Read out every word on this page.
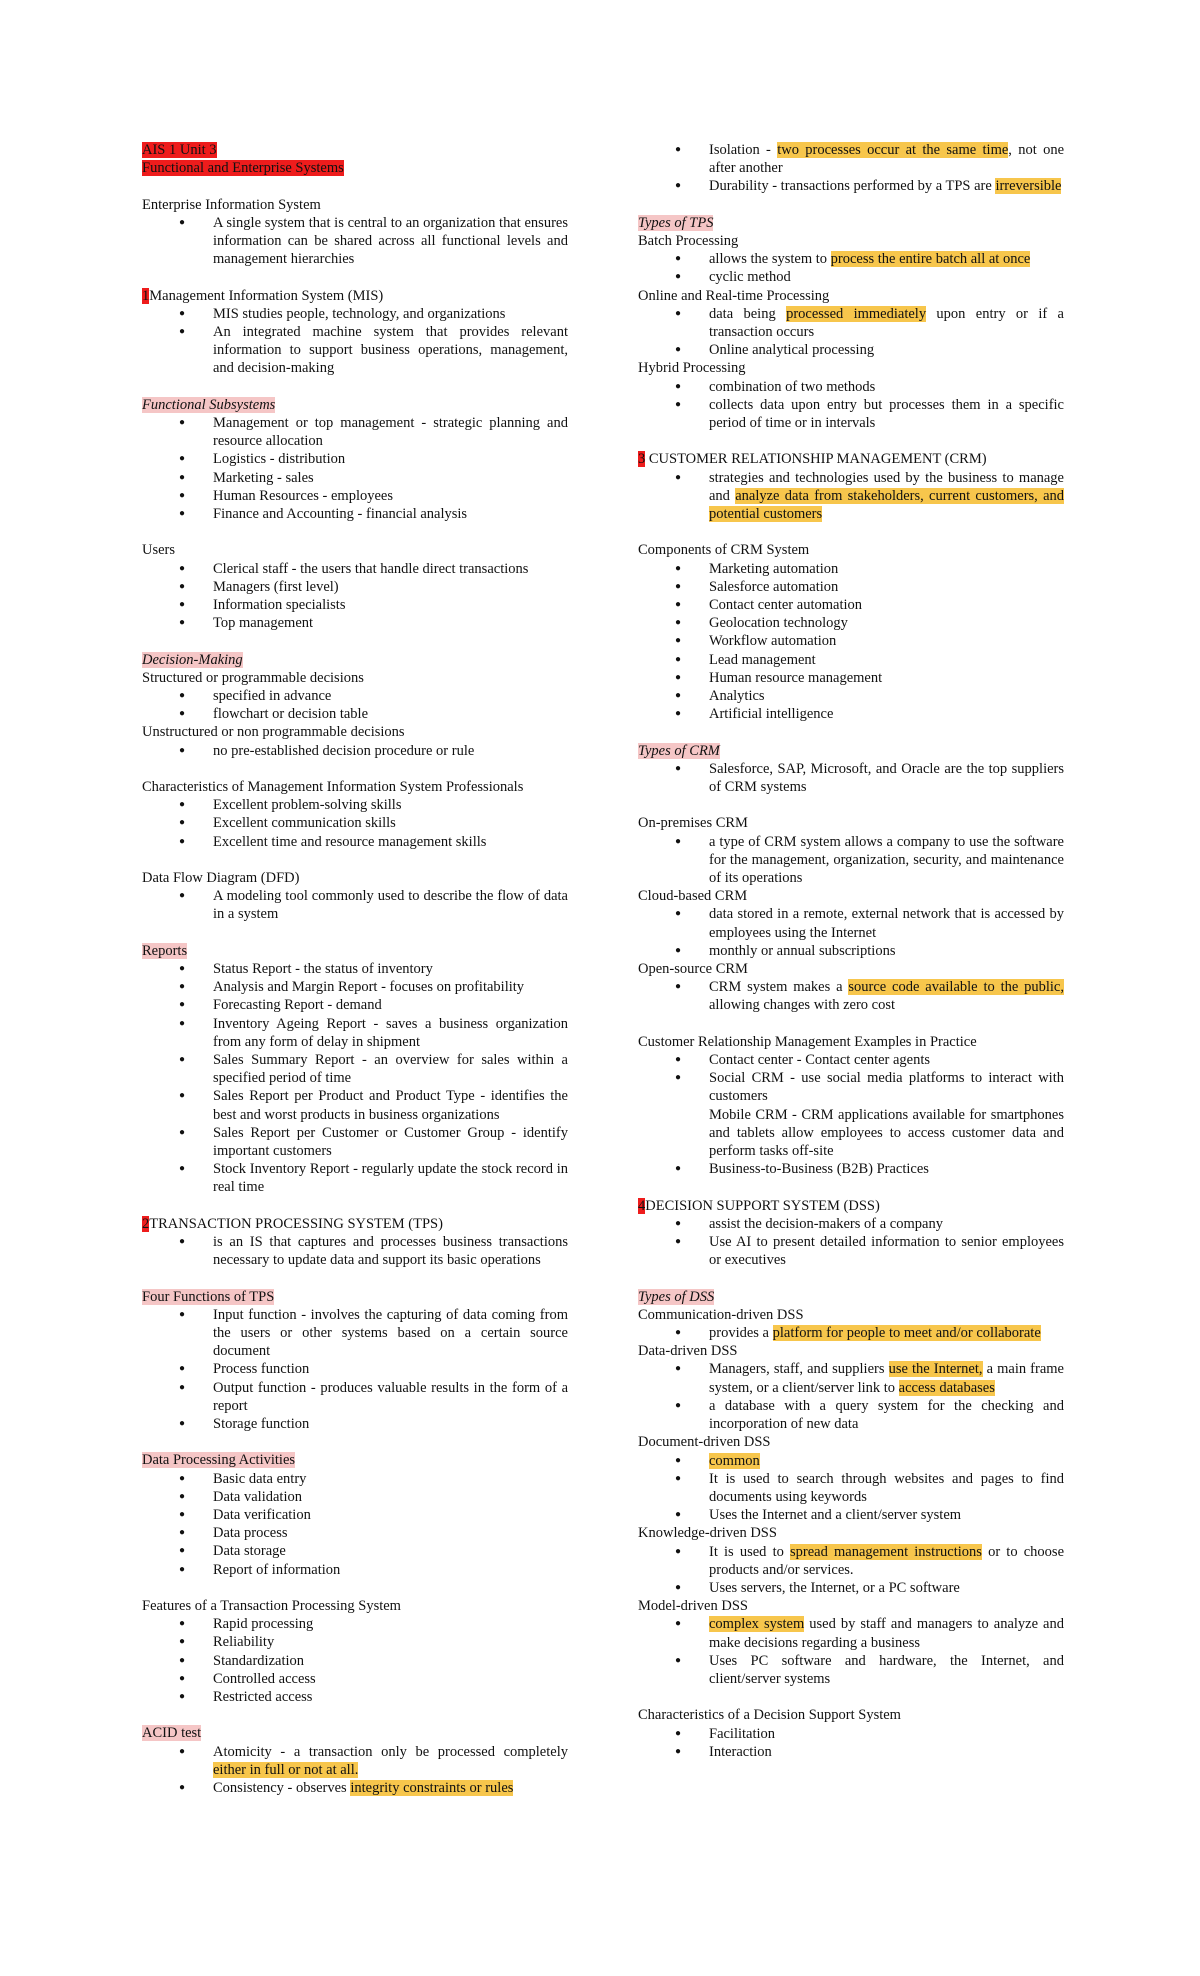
AIS 1 Unit 3
Functional and Enterprise Systems
Enterprise Information System
● A single system that is central to an organization that ensures information can be shared across all functional levels and management hierarchies
1Management Information System (MIS)
● MIS studies people, technology, and organizations
● An integrated machine system that provides relevant information to support business operations, management, and decision-making
Functional Subsystems
● Management or top management - strategic planning and resource allocation
● Logistics - distribution
● Marketing - sales
● Human Resources - employees
● Finance and Accounting - financial analysis
Users
● Clerical staff - the users that handle direct transactions
● Managers (first level)
● Information specialists
● Top management
Decision-Making
Structured or programmable decisions
● specified in advance
● flowchart or decision table
Unstructured or non programmable decisions
● no pre-established decision procedure or rule
Characteristics of Management Information System Professionals
● Excellent problem-solving skills
● Excellent communication skills
● Excellent time and resource management skills
Data Flow Diagram (DFD)
● A modeling tool commonly used to describe the flow of data in a system
Reports
● Status Report - the status of inventory
● Analysis and Margin Report - focuses on profitability
● Forecasting Report - demand
● Inventory Ageing Report - saves a business organization from any form of delay in shipment
● Sales Summary Report - an overview for sales within a specified period of time
● Sales Report per Product and Product Type - identifies the best and worst products in business organizations
● Sales Report per Customer or Customer Group - identify important customers
● Stock Inventory Report - regularly update the stock record in real time
2TRANSACTION PROCESSING SYSTEM (TPS)
● is an IS that captures and processes business transactions necessary to update data and support its basic operations
Four Functions of TPS
● Input function - involves the capturing of data coming from the users or other systems based on a certain source document
● Process function
● Output function - produces valuable results in the form of a report
● Storage function
Data Processing Activities
● Basic data entry
● Data validation
● Data verification
● Data process
● Data storage
● Report of information
Features of a Transaction Processing System
● Rapid processing
● Reliability
● Standardization
● Controlled access
● Restricted access
ACID test
● Atomicity - a transaction only be processed completely either in full or not at all.
● Consistency - observes integrity constraints or rules
● Isolation - two processes occur at the same time, not one after another
● Durability - transactions performed by a TPS are irreversible
Types of TPS
Batch Processing
● allows the system to process the entire batch all at once
● cyclic method
Online and Real-time Processing
● data being processed immediately upon entry or if a transaction occurs
● Online analytical processing
Hybrid Processing
● combination of two methods
● collects data upon entry but processes them in a specific period of time or in intervals
3 CUSTOMER RELATIONSHIP MANAGEMENT (CRM)
● strategies and technologies used by the business to manage and analyze data from stakeholders, current customers, and potential customers
Components of CRM System
● Marketing automation
● Salesforce automation
● Contact center automation
● Geolocation technology
● Workflow automation
● Lead management
● Human resource management
● Analytics
● Artificial intelligence
Types of CRM
● Salesforce, SAP, Microsoft, and Oracle are the top suppliers of CRM systems
On-premises CRM
● a type of CRM system allows a company to use the software for the management, organization, security, and maintenance of its operations
Cloud-based CRM
● data stored in a remote, external network that is accessed by employees using the Internet
● monthly or annual subscriptions
Open-source CRM
● CRM system makes a source code available to the public, allowing changes with zero cost
Customer Relationship Management Examples in Practice
● Contact center - Contact center agents
● Social CRM - use social media platforms to interact with customers
Mobile CRM - CRM applications available for smartphones and tablets allow employees to access customer data and perform tasks off-site
● Business-to-Business (B2B) Practices
4DECISION SUPPORT SYSTEM (DSS)
● assist the decision-makers of a company
● Use AI to present detailed information to senior employees or executives
Types of DSS
Communication-driven DSS
● provides a platform for people to meet and/or collaborate
Data-driven DSS
● Managers, staff, and suppliers use the Internet, a main frame system, or a client/server link to access databases
● a database with a query system for the checking and incorporation of new data
Document-driven DSS
● common
● It is used to search through websites and pages to find documents using keywords
● Uses the Internet and a client/server system
Knowledge-driven DSS
● It is used to spread management instructions or to choose products and/or services.
● Uses servers, the Internet, or a PC software
Model-driven DSS
● complex system used by staff and managers to analyze and make decisions regarding a business
● Uses PC software and hardware, the Internet, and client/server systems
Characteristics of a Decision Support System
● Facilitation
● Interaction
